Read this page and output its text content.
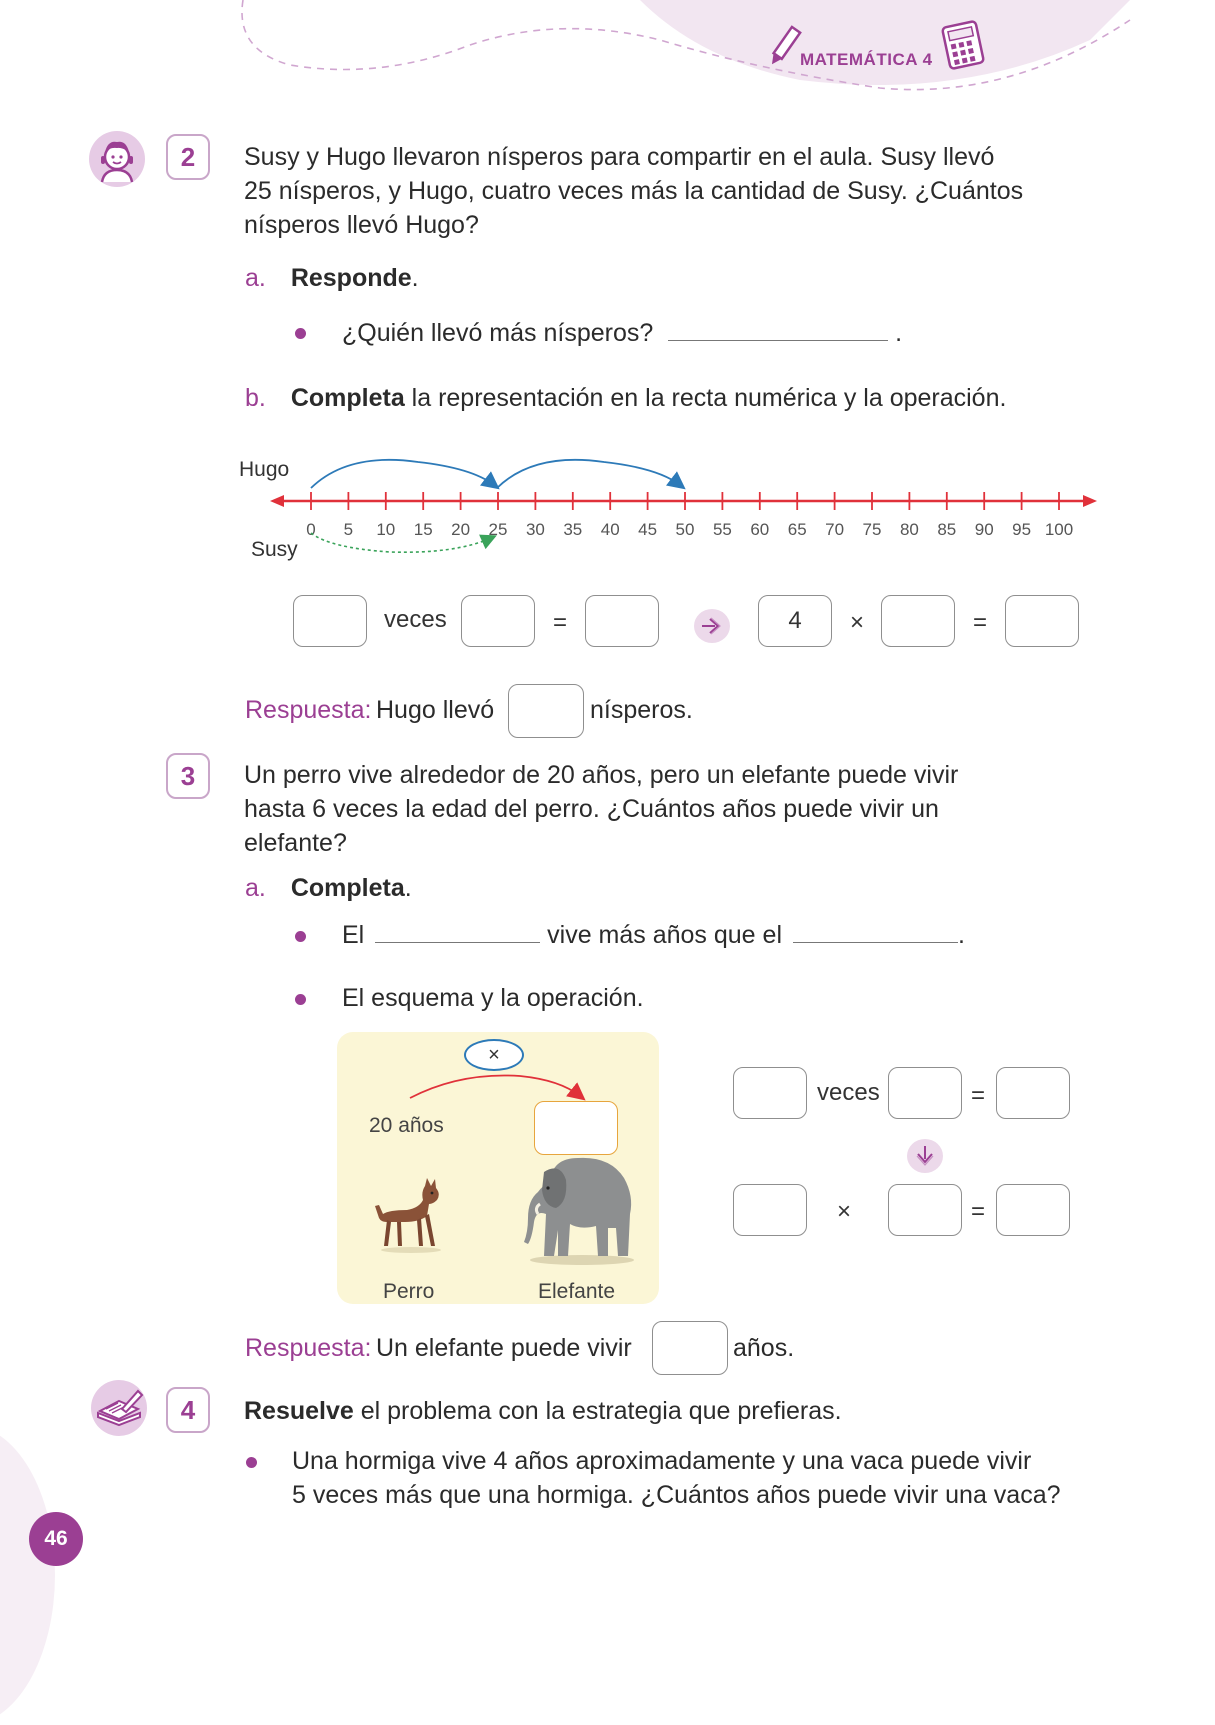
MATEMÁTICA 4
2	Susy y Hugo llevaron nísperos para compartir en el aula. Susy llevó
25 nísperos, y Hugo, cuatro veces más la cantidad de Susy. ¿Cuántos
nísperos llevó Hugo?
a. Responde.
¿Quién llevó más nísperos?	.
b. Completa la representación en la recta numérica y la operación.
Hugo
Susy
0 5 10 15 20 25 30 35 40 45 50 55 60 65 70 75 80 85 90 95 100
veces	=	4	×	=
Respuesta: Hugo llevó	nísperos.
3	Un perro vive alrededor de 20 años, pero un elefante puede vivir
hasta 6 veces la edad del perro. ¿Cuántos años puede vivir un
elefante?
a. Completa.
El	vive más años que el	.
El esquema y la operación.
×
20 años
Perro	Elefante
veces	=
×	=
Respuesta: Un elefante puede vivir	años.
4	Resuelve el problema con la estrategia que prefieras.
Una hormiga vive 4 años aproximadamente y una vaca puede vivir
5 veces más que una hormiga. ¿Cuántos años puede vivir una vaca?
46
